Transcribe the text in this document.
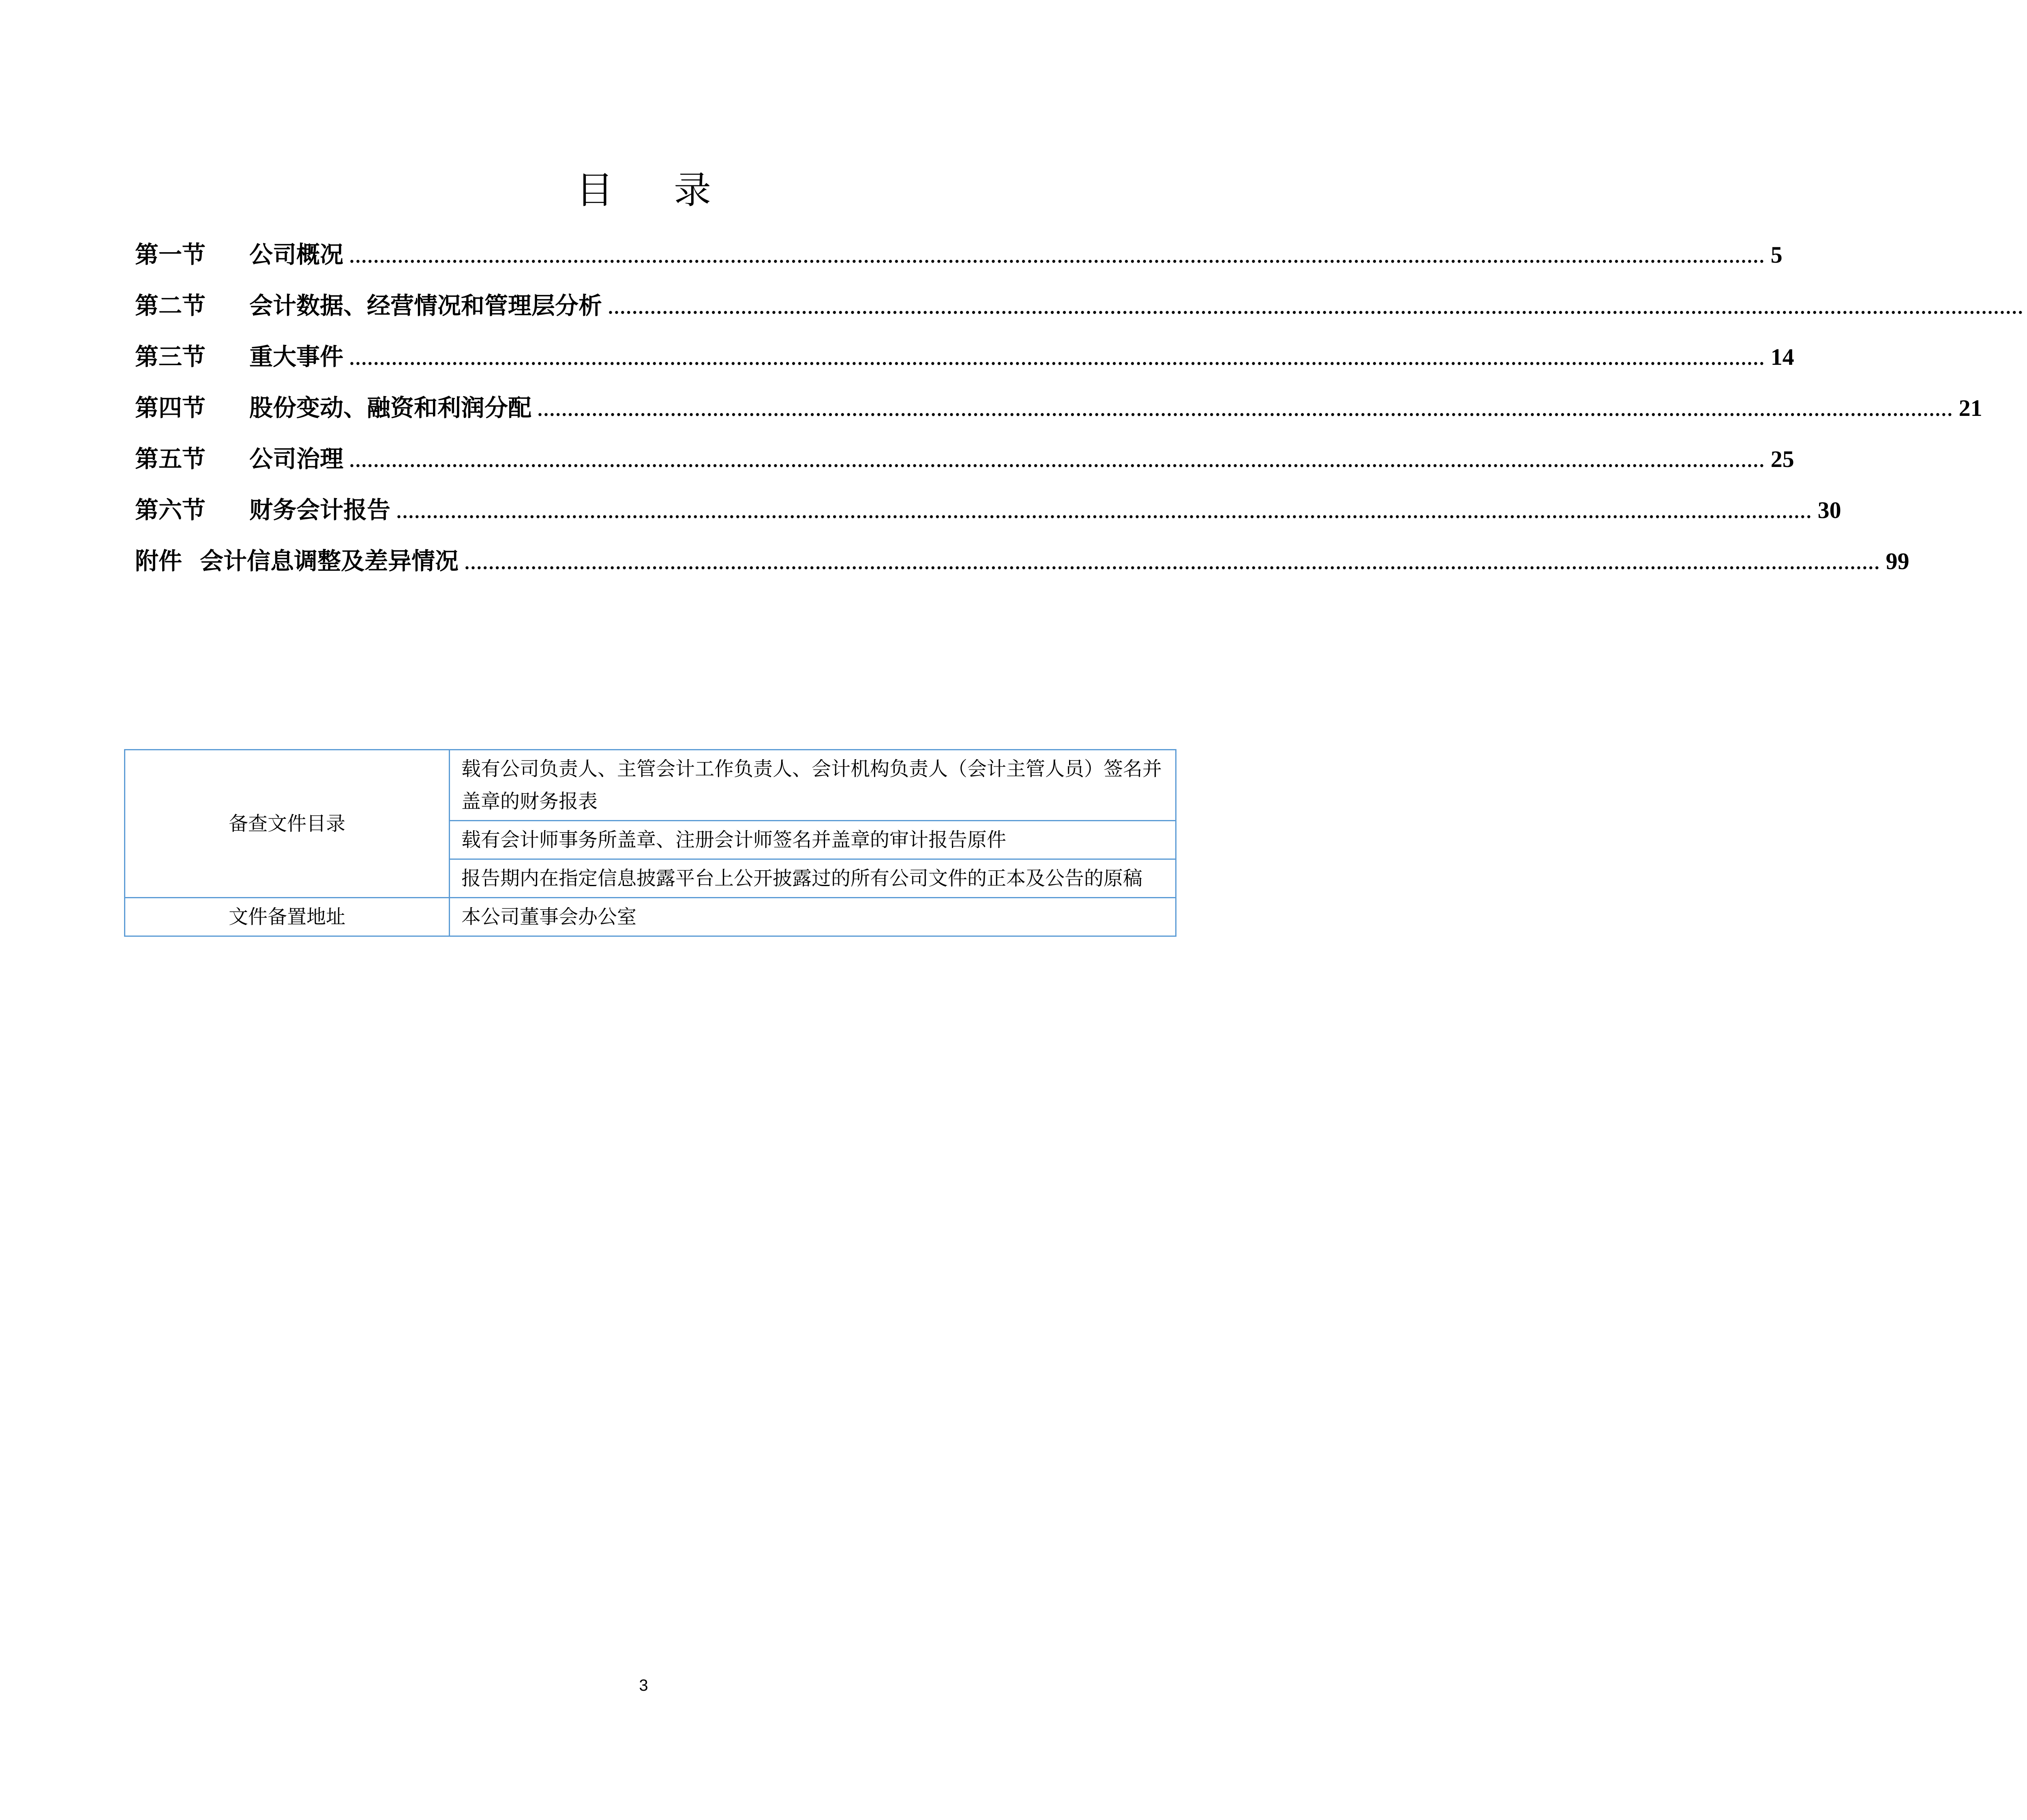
目 录
第一节	公司概况 .......................................................................................................................................................................................................................................... 5
第二节	会计数据、经营情况和管理层分析 ..........................................................................................................................................................................................................................................
第三节	重大事件 .......................................................................................................................................................................................................................................... 14
第四节	股份变动、融资和利润分配 .......................................................................................................................................................................................................................................... 21
第五节	公司治理 .......................................................................................................................................................................................................................................... 25
第六节	财务会计报告 .......................................................................................................................................................................................................................................... 30
附件 会计信息调整及差异情况 .......................................................................................................................................................................................................................................... 99
备查文件目录	载有公司负责人、主管会计工作负责人、会计机构负责人（会计主管人员）签名并盖章的财务报表
	载有会计师事务所盖章、注册会计师签名并盖章的审计报告原件
	报告期内在指定信息披露平台上公开披露过的所有公司文件的正本及公告的原稿
文件备置地址	本公司董事会办公室
3
